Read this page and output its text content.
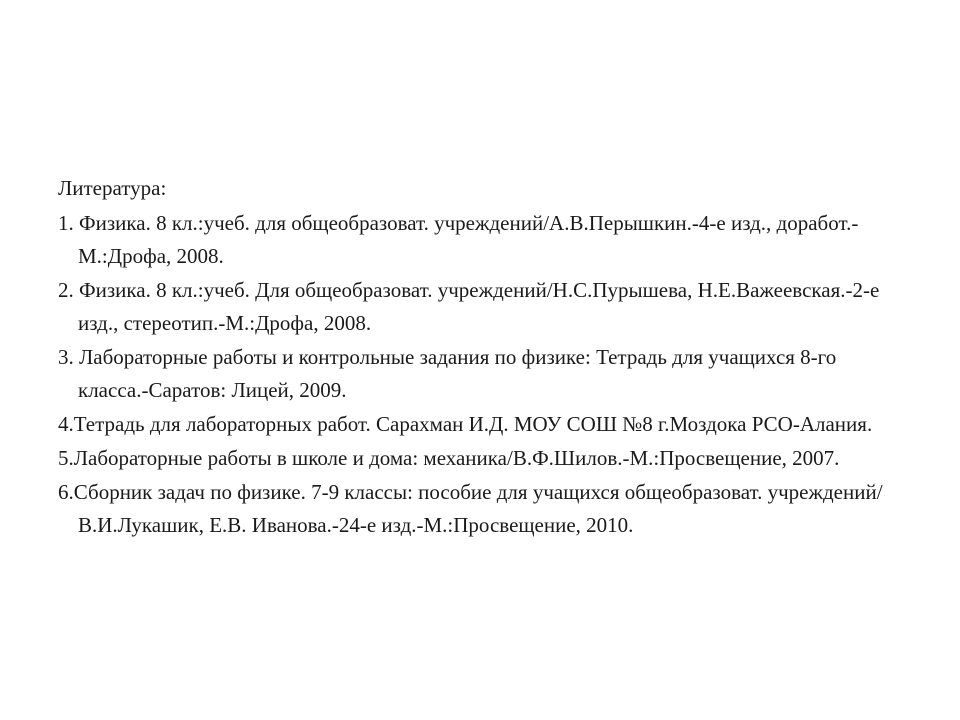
Литература:

1. Физика. 8 кл.:учеб. для общеобразоват. учреждений/А.В.Перышкин.-4-е изд., доработ.-М.:Дрофа, 2008.
2. Физика. 8 кл.:учеб. Для общеобразоват. учреждений/Н.С.Пурышева, Н.Е.Важеевская.-2-е изд., стереотип.-М.:Дрофа, 2008.
3. Лабораторные работы и контрольные задания по физике: Тетрадь для учащихся 8-го класса.-Саратов: Лицей, 2009.
4.Тетрадь для лабораторных работ. Сарахман И.Д. МОУ СОШ №8 г.Моздока РСО-Алания.
5.Лабораторные работы в школе и дома: механика/В.Ф.Шилов.-М.:Просвещение, 2007.
6.Сборник задач по физике. 7-9 классы: пособие для учащихся общеобразоват. учреждений/ В.И.Лукашик, Е.В. Иванова.-24-е изд.-М.:Просвещение, 2010.
